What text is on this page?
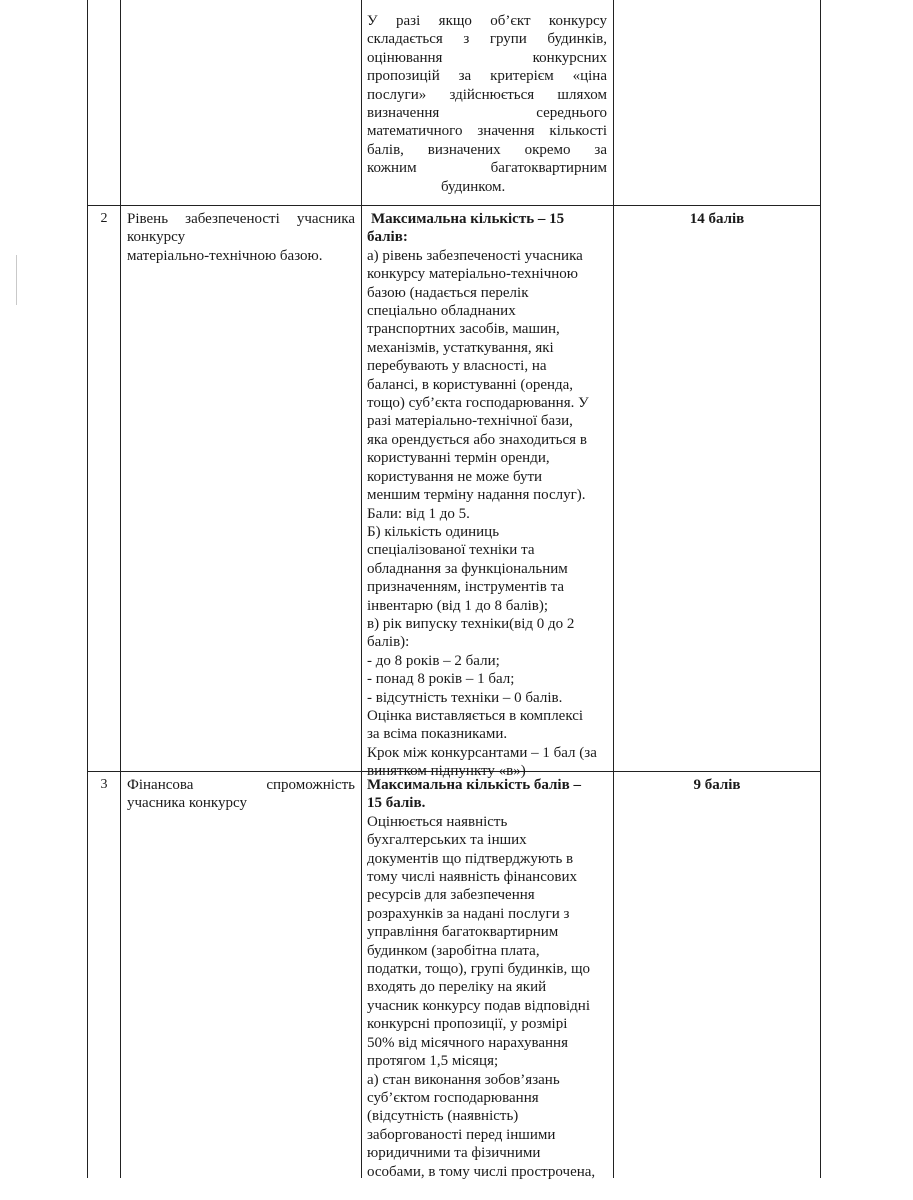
У разі якщо об’єкт конкурсу
складається з групи будинків,
оцінювання конкурсних
пропозицій за критерієм «ціна
послуги» здійснюється шляхом
визначення середнього
математичного значення кількості
балів, визначених окремо за
кожним багатоквартирним
будинком.
2	Рівень забезпеченості учасника
конкурсу
матеріально-технічною базою.
Максимальна кількість – 15
балів:
а) рівень забезпеченості учасника
конкурсу матеріально-технічною
базою (надається перелік
спеціально обладнаних
транспортних засобів, машин,
механізмів, устаткування, які
перебувають у власності, на
балансі, в користуванні (оренда,
тощо) суб’єкта господарювання. У
разі матеріально-технічної бази,
яка орендується або знаходиться в
користуванні термін оренди,
користування не може бути
меншим терміну надання послуг).
Бали: від 1 до 5.
Б) кількість одиниць
спеціалізованої техніки та
обладнання за функціональним
призначенням, інструментів та
інвентарю (від 1 до 8 балів);
в) рік випуску техніки(від 0 до 2
балів):
- до 8 років – 2 бали;
- понад 8 років – 1 бал;
- відсутність техніки – 0 балів.
Оцінка виставляється в комплексі
за всіма показниками.
Крок між конкурсантами – 1 бал (за
винятком підпункту «в»)
14 балів
3	Фінансова спроможність
учасника конкурсу
Максимальна кількість балів –
15 балів.
Оцінюється наявність
бухгалтерських та інших
документів що підтверджують в
тому числі наявність фінансових
ресурсів для забезпечення
розрахунків за надані послуги з
управління багатоквартирним
будинком (заробітна плата,
податки, тощо), групі будинків, що
входять до переліку на який
учасник конкурсу подав відповідні
конкурсні пропозиції, у розмірі
50% від місячного нарахування
протягом 1,5 місяця;
а) стан виконання зобов’язань
суб’єктом господарювання
(відсутність (наявність)
заборгованості перед іншими
юридичними та фізичними
особами, в тому числі прострочена,
9 балів
